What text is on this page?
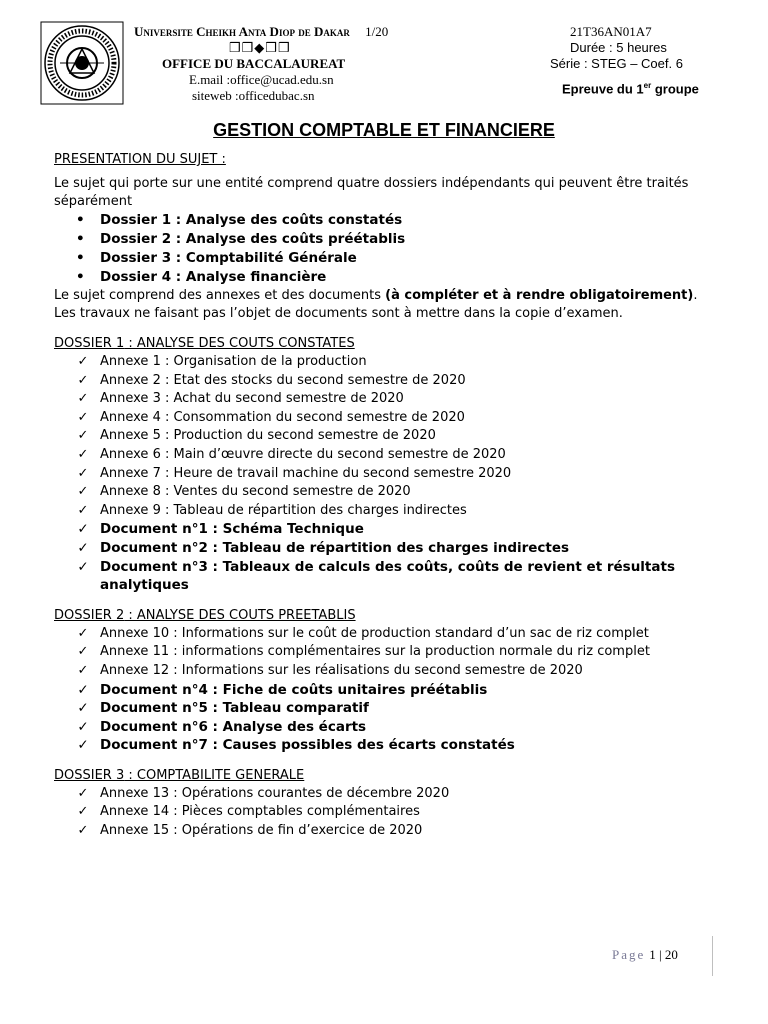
Universite Cheikh Anta Diop de Dakar 1/20
❒❒◆❒❒
OFFICE DU BACCALAUREAT
E.mail :office@ucad.edu.sn
siteweb :officedubac.sn
21T36AN01A7
Durée : 5 heures
Série : STEG – Coef. 6
Epreuve du 1er groupe
GESTION COMPTABLE ET FINANCIERE
PRESENTATION DU SUJET :
Le sujet qui porte sur une entité comprend quatre dossiers indépendants qui peuvent être traités séparément
• Dossier 1 : Analyse des coûts constatés
• Dossier 2 : Analyse des coûts préétablis
• Dossier 3 : Comptabilité Générale
• Dossier 4 : Analyse financière
Le sujet comprend des annexes et des documents (à compléter et à rendre obligatoirement). Les travaux ne faisant pas l’objet de documents sont à mettre dans la copie d’examen.
DOSSIER 1 : ANALYSE DES COUTS CONSTATES
✓ Annexe 1 : Organisation de la production
✓ Annexe 2 : Etat des stocks du second semestre de 2020
✓ Annexe 3 : Achat du second semestre de 2020
✓ Annexe 4 : Consommation du second semestre de 2020
✓ Annexe 5 : Production du second semestre de 2020
✓ Annexe 6 : Main d’œuvre directe du second semestre de 2020
✓ Annexe 7 : Heure de travail machine du second semestre 2020
✓ Annexe 8 : Ventes du second semestre de 2020
✓ Annexe 9 : Tableau de répartition des charges indirectes
✓ Document n°1 : Schéma Technique
✓ Document n°2 : Tableau de répartition des charges indirectes
✓ Document n°3 : Tableaux de calculs des coûts, coûts de revient et résultats analytiques
DOSSIER 2 : ANALYSE DES COUTS PREETABLIS
✓ Annexe 10 : Informations sur le coût de production standard d’un sac de riz complet
✓ Annexe 11 : informations complémentaires sur la production normale du riz complet
✓ Annexe 12 : Informations sur les réalisations du second semestre de 2020
✓ Document n°4 : Fiche de coûts unitaires préétablis
✓ Document n°5 : Tableau comparatif
✓ Document n°6 : Analyse des écarts
✓ Document n°7 : Causes possibles des écarts constatés
DOSSIER 3 : COMPTABILITE GENERALE
✓ Annexe 13 : Opérations courantes de décembre 2020
✓ Annexe 14 : Pièces comptables complémentaires
✓ Annexe 15 : Opérations de fin d’exercice de 2020
Page 1 | 20
